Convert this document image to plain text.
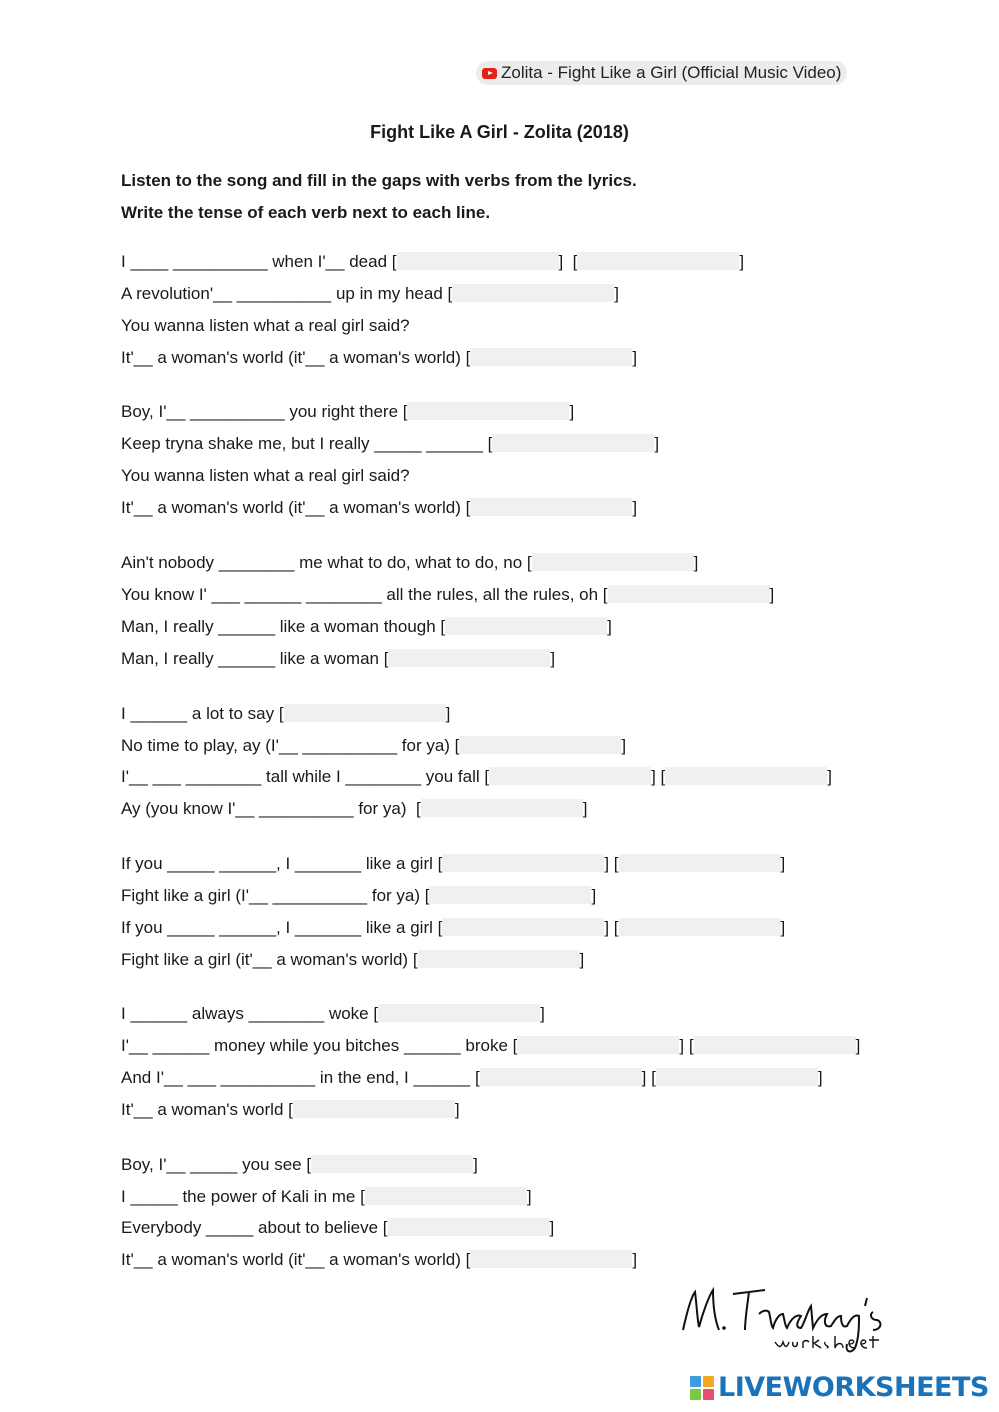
Zolita - Fight Like a Girl (Official Music Video)
Fight Like A Girl - Zolita (2018)
Listen to the song and fill in the gaps with verbs from the lyrics.
Write the tense of each verb next to each line.
I ____ __________ when I'__ dead [	]  [	]
A revolution'__ __________ up in my head [	]
You wanna listen what a real girl said?
It'__ a woman's world (it'__ a woman's world) [	]
Boy, I'__ __________ you right there [	]
Keep tryna shake me, but I really _____ ______ [	]
You wanna listen what a real girl said?
It'__ a woman's world (it'__ a woman's world) [	]
Ain't nobody ________ me what to do, what to do, no [	]
You know I' ___ ______ ________ all the rules, all the rules, oh [	]
Man, I really ______ like a woman though [	]
Man, I really ______ like a woman [	]
I ______ a lot to say [	]
No time to play, ay (I'__ __________ for ya) [	]
I'__ ___ ________ tall while I ________ you fall [	] [	]
Ay (you know I'__ __________ for ya)  [	]
If you _____ ______, I _______ like a girl [	] [	]
Fight like a girl (I'__ __________ for ya) [	]
If you _____ ______, I _______ like a girl [	] [	]
Fight like a girl (it'__ a woman's world) [	]
I ______ always ________ woke [	]
I'__ ______ money while you bitches ______ broke [	] [	]
And I'__ ___ __________ in the end, I ______ [	] [	]
It'__ a woman's world [	]
Boy, I'__ _____ you see [	]
I _____ the power of Kali in me [	]
Everybody _____ about to believe [	]
It'__ a woman's world (it'__ a woman's world) [	]
LIVEWORKSHEETS
